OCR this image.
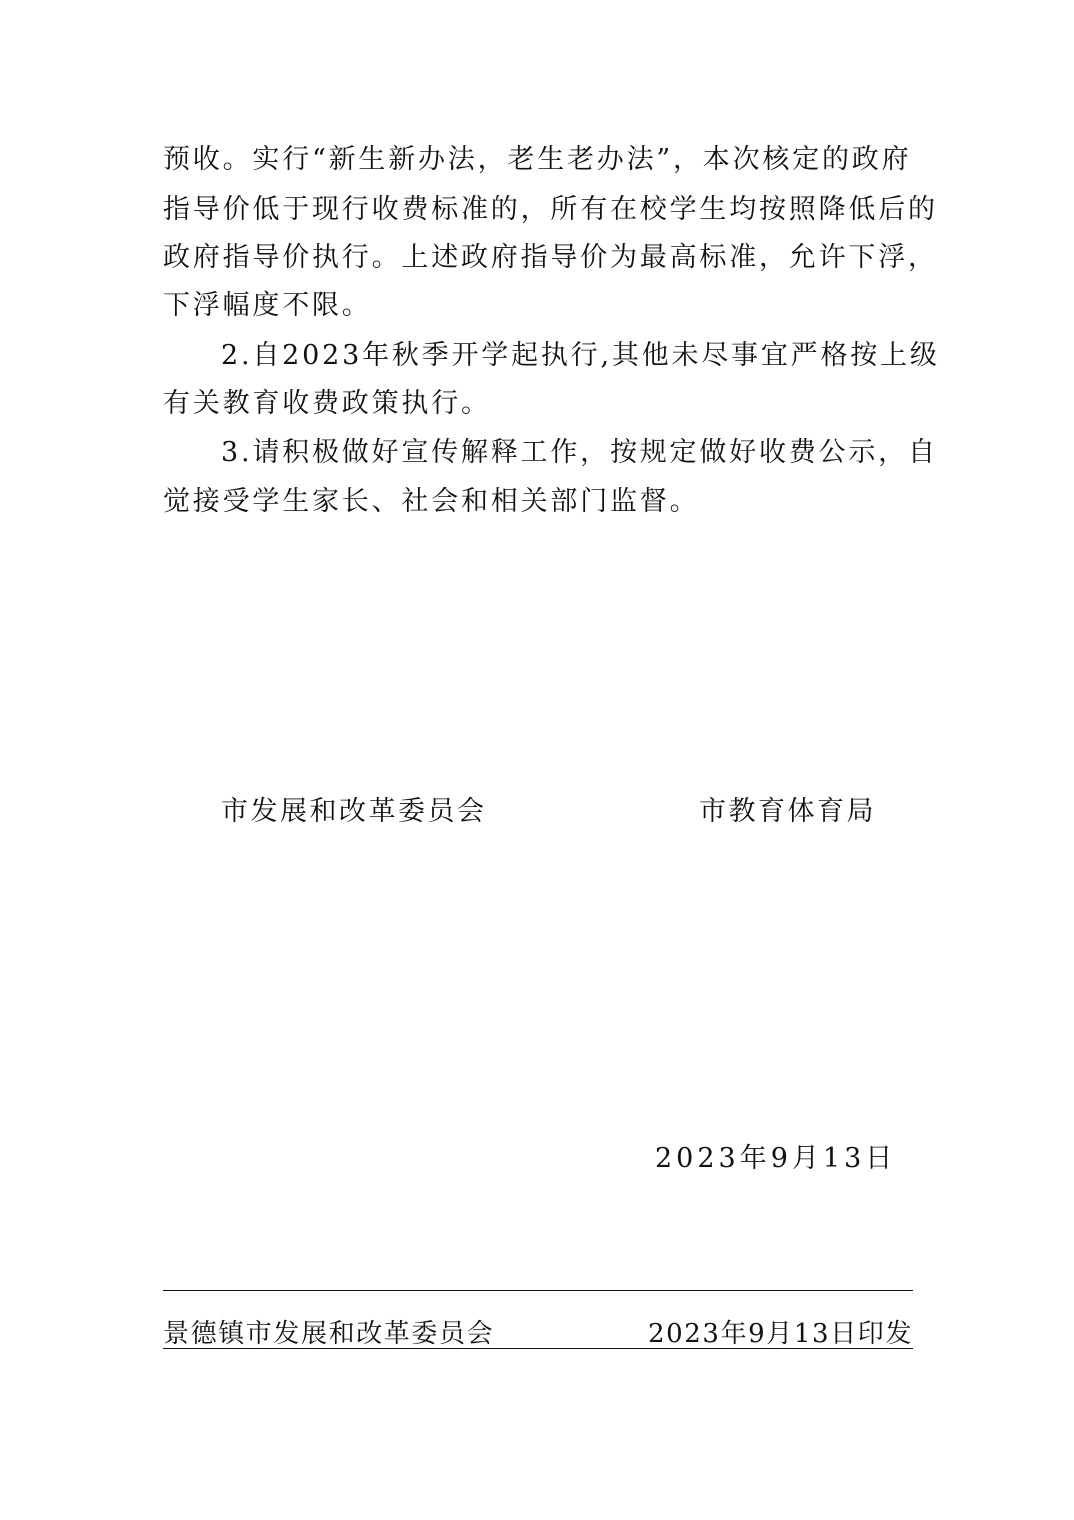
预收。实行“新生新办法，老生老办法”，本次核定的政府
指导价低于现行收费标准的，所有在校学生均按照降低后的
政府指导价执行。上述政府指导价为最高标准，允许下浮，
下浮幅度不限。
2.自2023年秋季开学起执行,其他未尽事宜严格按上级
有关教育收费政策执行。
3.请积极做好宣传解释工作，按规定做好收费公示，自
觉接受学生家长、社会和相关部门监督。
市发展和改革委员会	市教育体育局
2023年9月13日
景德镇市发展和改革委员会	2023年9月13日印发
